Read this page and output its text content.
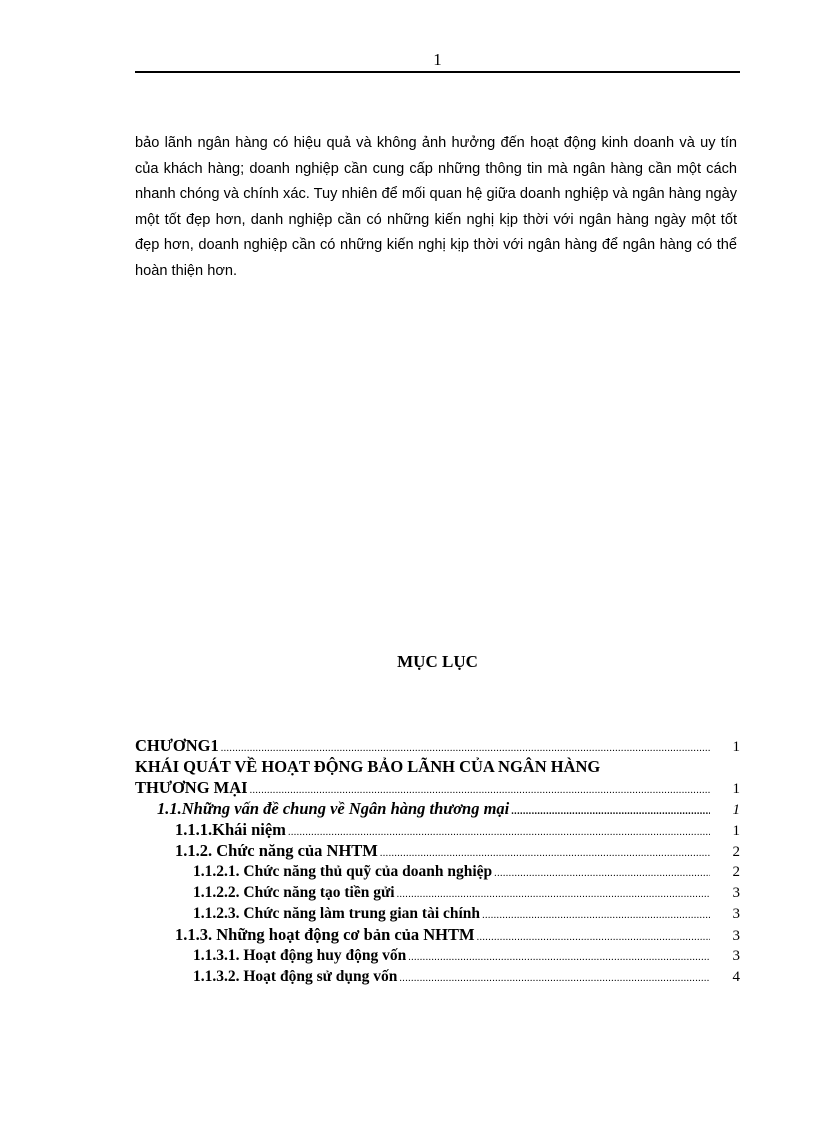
1

bảo lãnh ngân hàng có hiệu quả và không ảnh hưởng đến hoạt động kinh doanh và uy tín của khách hàng; doanh nghiệp cần cung cấp những thông tin mà ngân hàng cần một cách nhanh chóng và chính xác. Tuy nhiên để mối quan hệ giữa doanh nghiệp và ngân hàng ngày một tốt đẹp hơn, danh nghiệp cần có những kiến nghị kịp thời với ngân hàng ngày một tốt đẹp hơn, doanh nghiệp cần có những kiến nghị kịp thời với ngân hàng để ngân hàng có thể hoàn thiện hơn.

MỤC LỤC
CHƯƠNG1 .....	1
KHÁI QUÁT VỀ HOẠT ĐỘNG BẢO LÃNH CỦA NGÂN HÀNG
THƯƠNG MẠI .....	1
1.1.Những vấn đề chung về Ngân hàng thương mại .....	1
1.1.1.Khái niệm .....	1
1.1.2. Chức năng của NHTM .....	2
1.1.2.1. Chức năng thủ quỹ của doanh nghiệp .....	2
1.1.2.2. Chức năng tạo tiền gửi .....	3
1.1.2.3. Chức năng làm trung gian tài chính .....	3
1.1.3. Những hoạt động cơ bản của NHTM .....	3
1.1.3.1. Hoạt động huy động vốn .....	3
1.1.3.2. Hoạt động sử dụng vốn .....	4
